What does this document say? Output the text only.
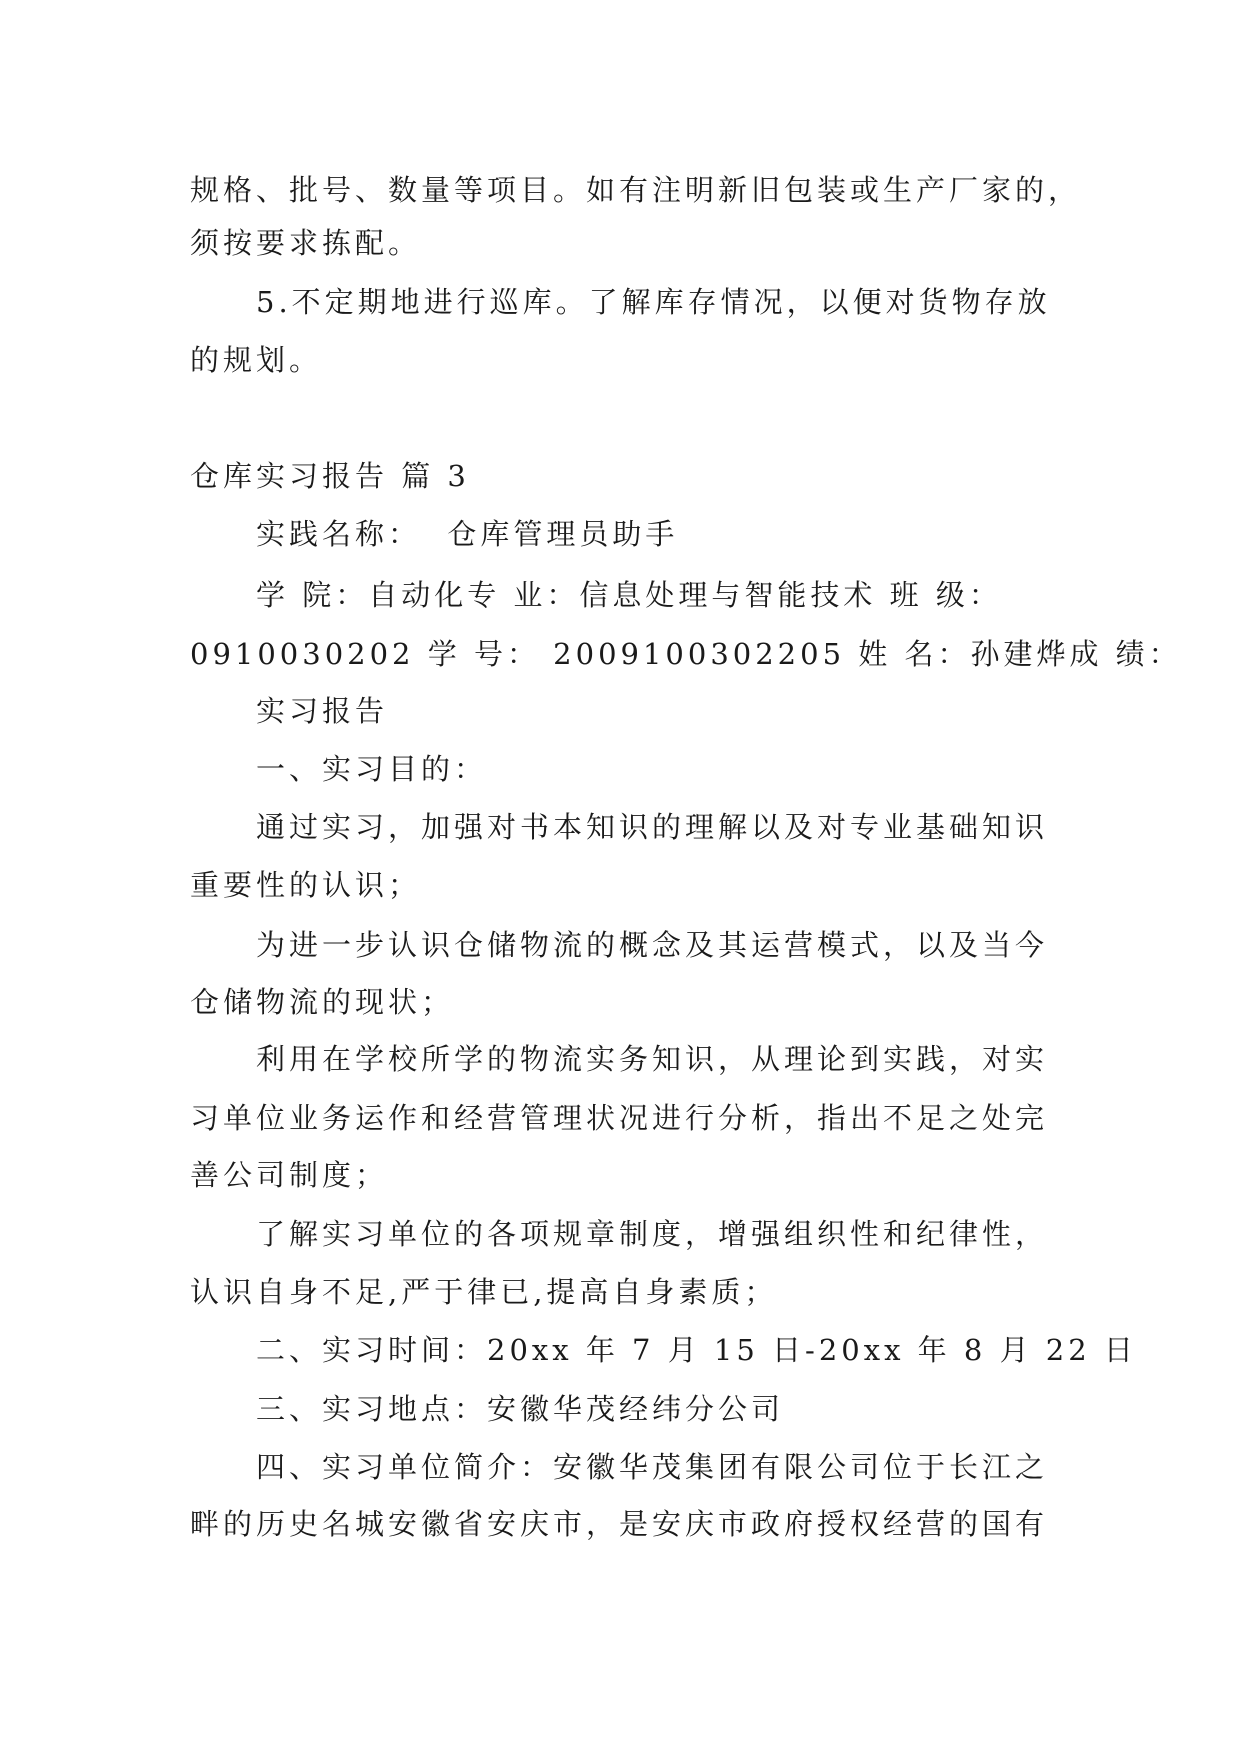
规格、批号、数量等项目。如有注明新旧包装或生产厂家的，
须按要求拣配。
5.不定期地进行巡库。了解库存情况，以便对货物存放
的规划。
仓库实习报告 篇 3
实践名称：  仓库管理员助手
学 院：自动化专 业：信息处理与智能技术 班 级：
0910030202 学 号： 2009100302205 姓 名：孙建烨成 绩：
实习报告
一、实习目的：
通过实习，加强对书本知识的理解以及对专业基础知识
重要性的认识；
为进一步认识仓储物流的概念及其运营模式，以及当今
仓储物流的现状；
利用在学校所学的物流实务知识，从理论到实践，对实
习单位业务运作和经营管理状况进行分析，指出不足之处完
善公司制度；
了解实习单位的各项规章制度，增强组织性和纪律性，
认识自身不足,严于律已,提高自身素质；
二、实习时间：20xx 年 7 月 15 日-20xx 年 8 月 22 日
三、实习地点：安徽华茂经纬分公司
四、实习单位简介：安徽华茂集团有限公司位于长江之
畔的历史名城安徽省安庆市，是安庆市政府授权经营的国有
